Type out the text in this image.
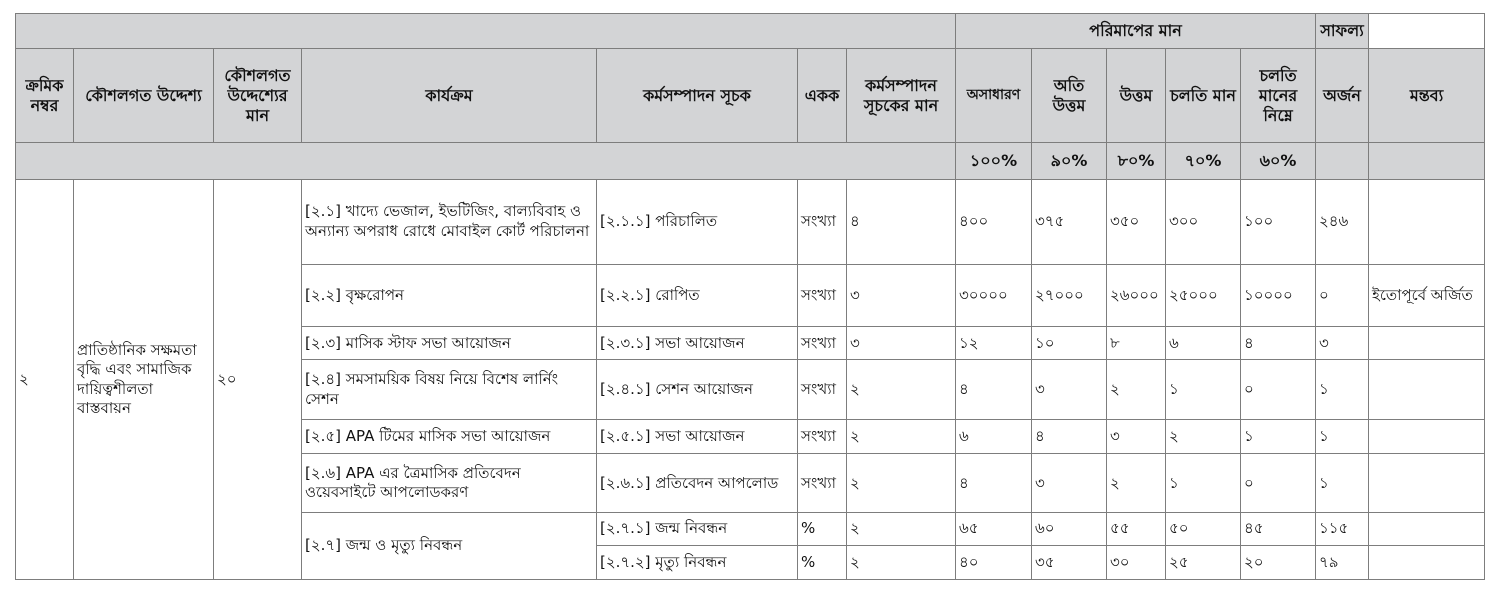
							পরিমাপের মান					সাফল্য	
ক্রমিক নম্বর	কৌশলগত উদ্দেশ্য	কৌশলগত উদ্দেশ্যের মান	কার্যক্রম	কর্মসম্পাদন সূচক	একক	কর্মসম্পাদন সূচকের মান	অসাধারণ	অতি উত্তম	উত্তম	চলতি মান	চলতি মানের নিম্নে	অর্জন	মন্তব্য
							১০০%	৯০%	৮০%	৭০%	৬০%		
২	প্রাতিষ্ঠানিক সক্ষমতা বৃদ্ধি এবং সামাজিক দায়িত্বশীলতা বাস্তবায়ন	২০	[২.১] খাদ্যে ভেজাল, ইভটিজিং, বাল্যবিবাহ ও অন্যান্য অপরাধ রোধে মোবাইল কোর্ট পরিচালনা	[২.১.১] পরিচালিত	সংখ্যা	৪	৪০০	৩৭৫	৩৫০	৩০০	১০০	২৪৬	
			[২.২] বৃক্ষরোপন	[২.২.১] রোপিত	সংখ্যা	৩	৩০০০০	২৭০০০	২৬০০০	২৫০০০	১০০০০	০	ইতোপূর্বে অর্জিত
			[২.৩] মাসিক স্টাফ সভা আয়োজন	[২.৩.১] সভা আয়োজন	সংখ্যা	৩	১২	১০	৮	৬	৪	৩	
			[২.৪] সমসাময়িক বিষয় নিয়ে বিশেষ লার্নিং সেশন	[২.৪.১] সেশন আয়োজন	সংখ্যা	২	৪	৩	২	১	০	১	
			[২.৫] APA টিমের মাসিক সভা আয়োজন	[২.৫.১] সভা আয়োজন	সংখ্যা	২	৬	৪	৩	২	১	১	
			[২.৬] APA এর ত্রৈমাসিক প্রতিবেদন ওয়েবসাইটে আপলোডকরণ	[২.৬.১] প্রতিবেদন আপলোড	সংখ্যা	২	৪	৩	২	১	০	১	
			[২.৭] জন্ম ও মৃত্যু নিবন্ধন	[২.৭.১] জন্ম নিবন্ধন	%	২	৬৫	৬০	৫৫	৫০	৪৫	১১৫	
				[২.৭.২] মৃত্যু নিবন্ধন	%	২	৪০	৩৫	৩০	২৫	২০	৭৯	
